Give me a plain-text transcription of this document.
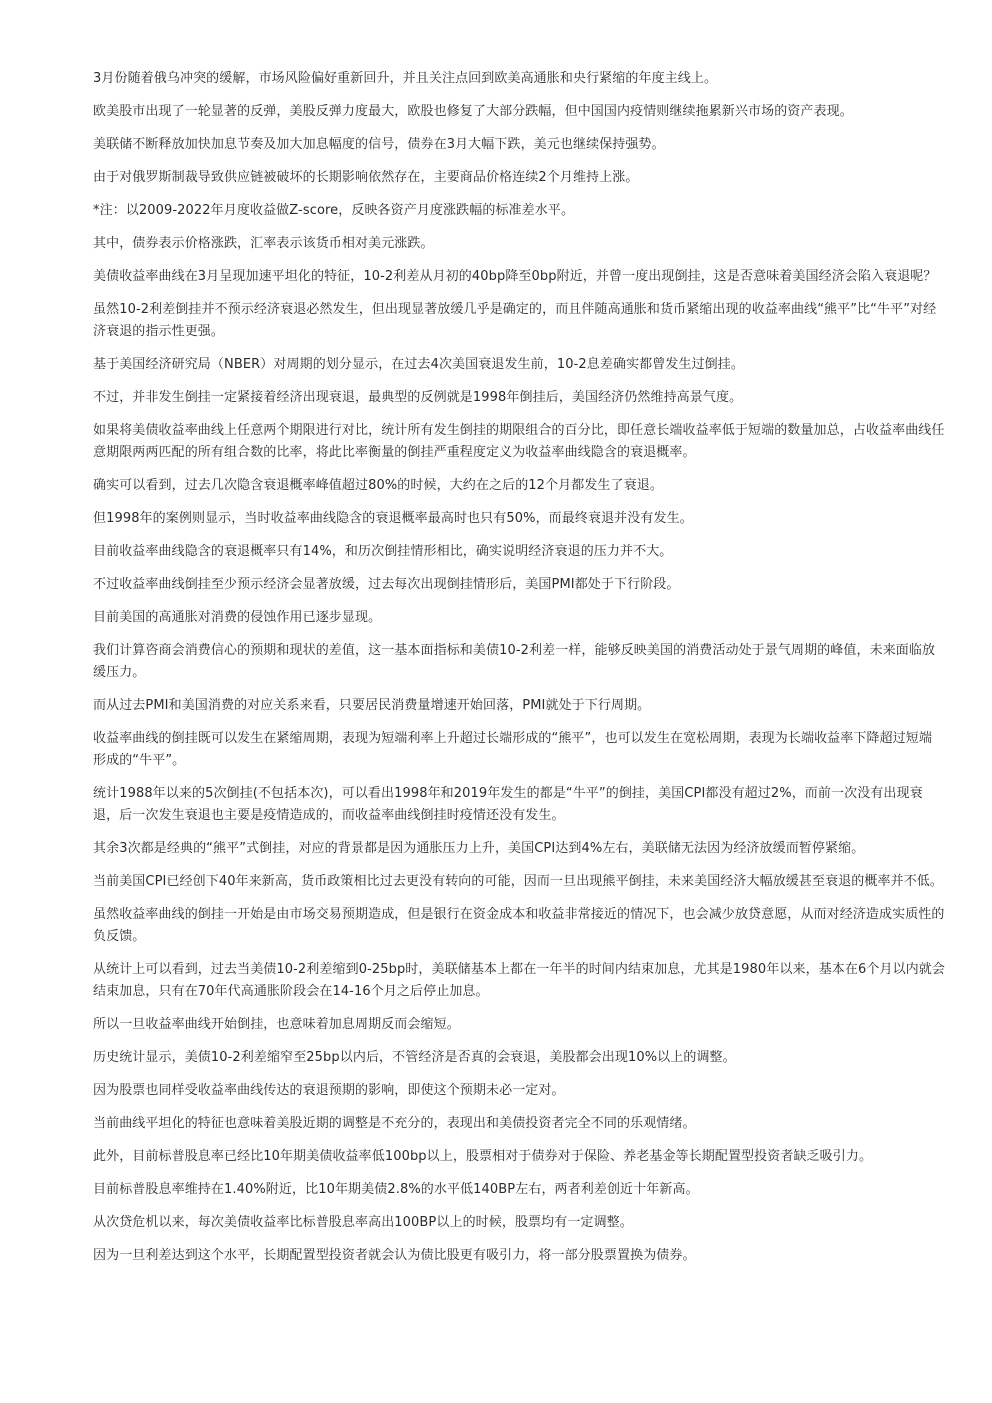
3月份随着俄乌冲突的缓解，市场风险偏好重新回升，并且关注点回到欧美高通胀和央行紧缩的年度主线上。

欧美股市出现了一轮显著的反弹，美股反弹力度最大，欧股也修复了大部分跌幅，但中国国内疫情则继续拖累新兴市场的资产表现。

美联储不断释放加快加息节奏及加大加息幅度的信号，债券在3月大幅下跌，美元也继续保持强势。

由于对俄罗斯制裁导致供应链被破坏的长期影响依然存在，主要商品价格连续2个月维持上涨。

*注：以2009-2022年月度收益做Z-score，反映各资产月度涨跌幅的标准差水平。

其中，债券表示价格涨跌，汇率表示该货币相对美元涨跌。

美债收益率曲线在3月呈现加速平坦化的特征，10-2利差从月初的40bp降至0bp附近，并曾一度出现倒挂，这是否意味着美国经济会陷入衰退呢？

虽然10-2利差倒挂并不预示经济衰退必然发生，但出现显著放缓几乎是确定的，而且伴随高通胀和货币紧缩出现的收益率曲线“熊平”比“牛平”对经济衰退的指示性更强。

基于美国经济研究局（NBER）对周期的划分显示，在过去4次美国衰退发生前，10-2息差确实都曾发生过倒挂。

不过，并非发生倒挂一定紧接着经济出现衰退，最典型的反例就是1998年倒挂后，美国经济仍然维持高景气度。

如果将美债收益率曲线上任意两个期限进行对比，统计所有发生倒挂的期限组合的百分比，即任意长端收益率低于短端的数量加总，占收益率曲线任意期限两两匹配的所有组合数的比率，将此比率衡量的倒挂严重程度定义为收益率曲线隐含的衰退概率。

确实可以看到，过去几次隐含衰退概率峰值超过80%的时候，大约在之后的12个月都发生了衰退。

但1998年的案例则显示，当时收益率曲线隐含的衰退概率最高时也只有50%，而最终衰退并没有发生。

目前收益率曲线隐含的衰退概率只有14%，和历次倒挂情形相比，确实说明经济衰退的压力并不大。

不过收益率曲线倒挂至少预示经济会显著放缓，过去每次出现倒挂情形后，美国PMI都处于下行阶段。

目前美国的高通胀对消费的侵蚀作用已逐步显现。

我们计算咨商会消费信心的预期和现状的差值，这一基本面指标和美债10-2利差一样，能够反映美国的消费活动处于景气周期的峰值，未来面临放缓压力。

而从过去PMI和美国消费的对应关系来看，只要居民消费量增速开始回落，PMI就处于下行周期。

收益率曲线的倒挂既可以发生在紧缩周期，表现为短端利率上升超过长端形成的“熊平”，也可以发生在宽松周期，表现为长端收益率下降超过短端形成的“牛平”。

统计1988年以来的5次倒挂(不包括本次)，可以看出1998年和2019年发生的都是“牛平”的倒挂，美国CPI都没有超过2%，而前一次没有出现衰退，后一次发生衰退也主要是疫情造成的，而收益率曲线倒挂时疫情还没有发生。

其余3次都是经典的“熊平”式倒挂，对应的背景都是因为通胀压力上升，美国CPI达到4%左右，美联储无法因为经济放缓而暂停紧缩。

当前美国CPI已经创下40年来新高，货币政策相比过去更没有转向的可能，因而一旦出现熊平倒挂，未来美国经济大幅放缓甚至衰退的概率并不低。

虽然收益率曲线的倒挂一开始是由市场交易预期造成，但是银行在资金成本和收益非常接近的情况下，也会减少放贷意愿，从而对经济造成实质性的负反馈。

从统计上可以看到，过去当美债10-2利差缩到0-25bp时，美联储基本上都在一年半的时间内结束加息，尤其是1980年以来，基本在6个月以内就会结束加息，只有在70年代高通胀阶段会在14-16个月之后停止加息。

所以一旦收益率曲线开始倒挂，也意味着加息周期反而会缩短。

历史统计显示，美债10-2利差缩窄至25bp以内后，不管经济是否真的会衰退，美股都会出现10%以上的调整。

因为股票也同样受收益率曲线传达的衰退预期的影响，即使这个预期未必一定对。

当前曲线平坦化的特征也意味着美股近期的调整是不充分的，表现出和美债投资者完全不同的乐观情绪。

此外，目前标普股息率已经比10年期美债收益率低100bp以上，股票相对于债券对于保险、养老基金等长期配置型投资者缺乏吸引力。

目前标普股息率维持在1.40%附近，比10年期美债2.8%的水平低140BP左右，两者利差创近十年新高。

从次贷危机以来，每次美债收益率比标普股息率高出100BP以上的时候，股票均有一定调整。

因为一旦利差达到这个水平，长期配置型投资者就会认为债比股更有吸引力，将一部分股票置换为债券。
